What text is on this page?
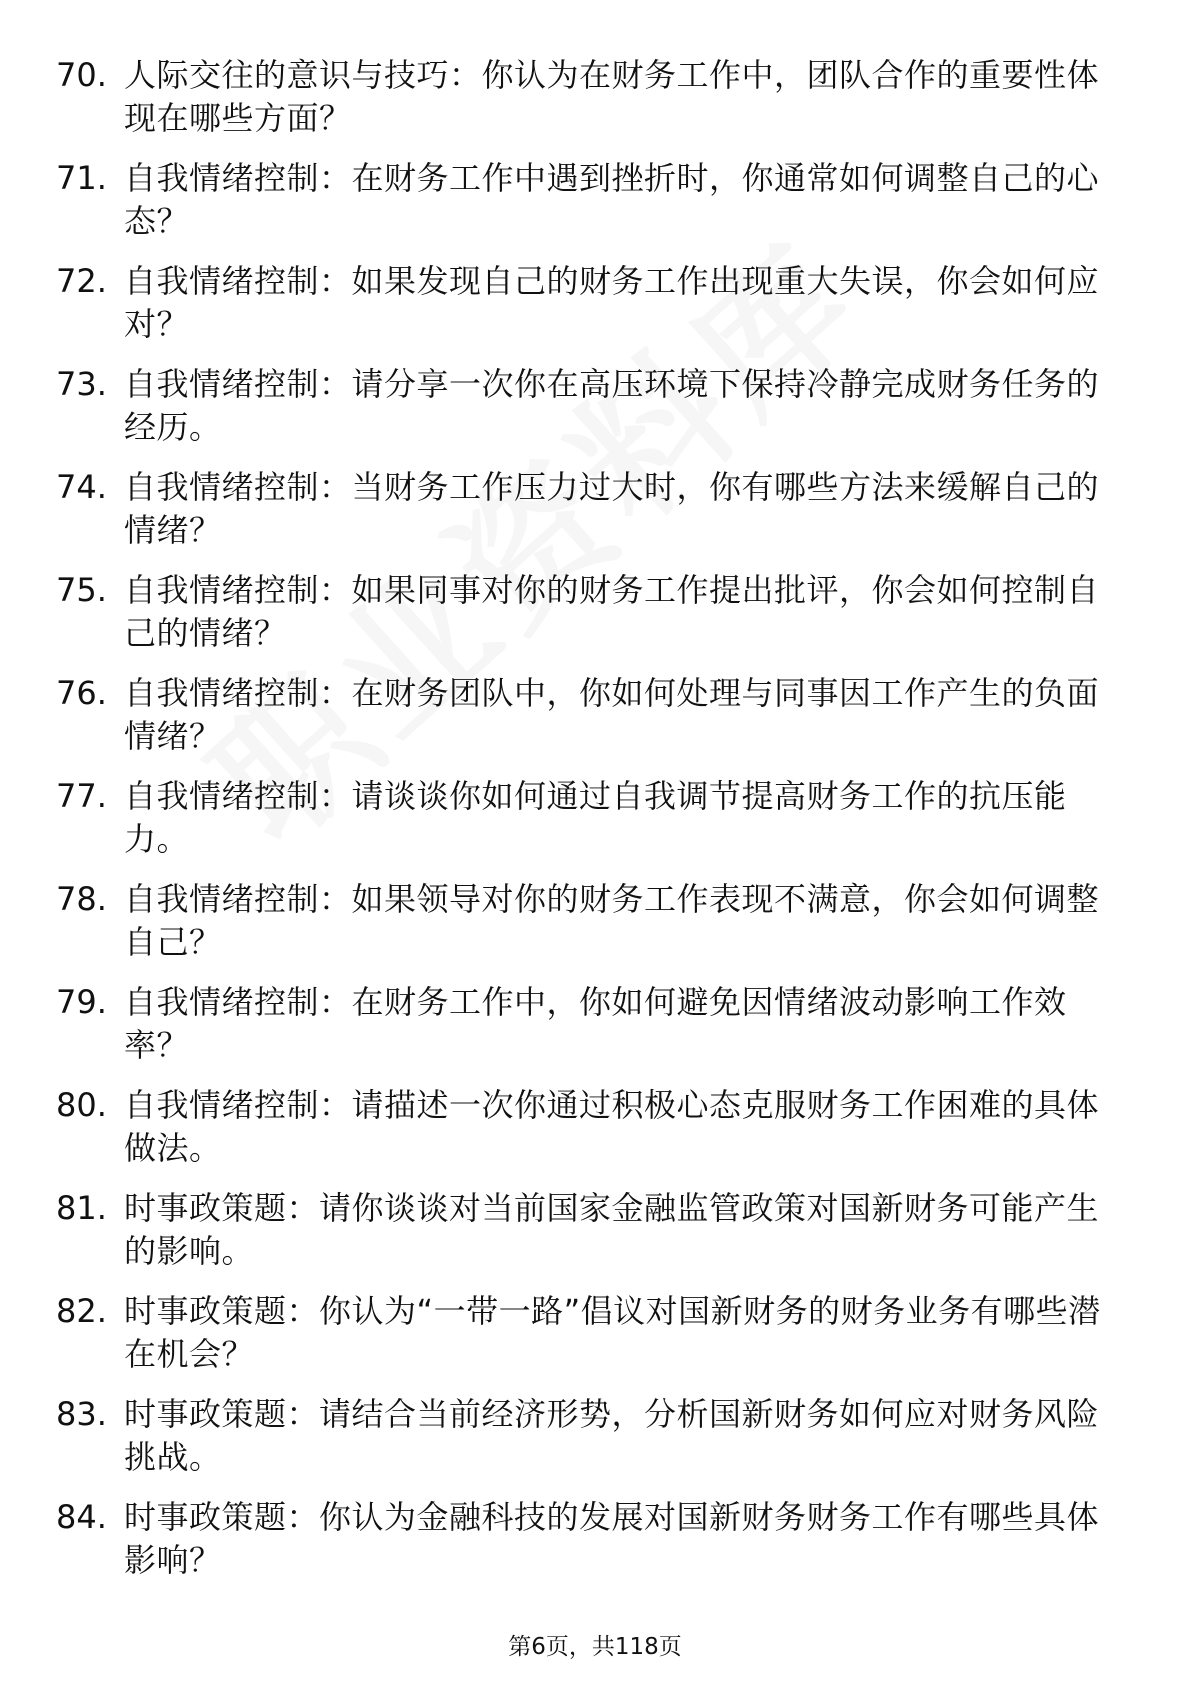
70. 人际交往的意识与技巧：你认为在财务工作中，团队合作的重要性体现在哪些方面？
71. 自我情绪控制：在财务工作中遇到挫折时，你通常如何调整自己的心态？
72. 自我情绪控制：如果发现自己的财务工作出现重大失误，你会如何应对？
73. 自我情绪控制：请分享一次你在高压环境下保持冷静完成财务任务的经历。
74. 自我情绪控制：当财务工作压力过大时，你有哪些方法来缓解自己的情绪？
75. 自我情绪控制：如果同事对你的财务工作提出批评，你会如何控制自己的情绪？
76. 自我情绪控制：在财务团队中，你如何处理与同事因工作产生的负面情绪？
77. 自我情绪控制：请谈谈你如何通过自我调节提高财务工作的抗压能力。
78. 自我情绪控制：如果领导对你的财务工作表现不满意，你会如何调整自己？
79. 自我情绪控制：在财务工作中，你如何避免因情绪波动影响工作效率？
80. 自我情绪控制：请描述一次你通过积极心态克服财务工作困难的具体做法。
81. 时事政策题：请你谈谈对当前国家金融监管政策对国新财务可能产生的影响。
82. 时事政策题：你认为“一带一路”倡议对国新财务的财务业务有哪些潜在机会？
83. 时事政策题：请结合当前经济形势，分析国新财务如何应对财务风险挑战。
84. 时事政策题：你认为金融科技的发展对国新财务财务工作有哪些具体影响？
第6页，共118页
